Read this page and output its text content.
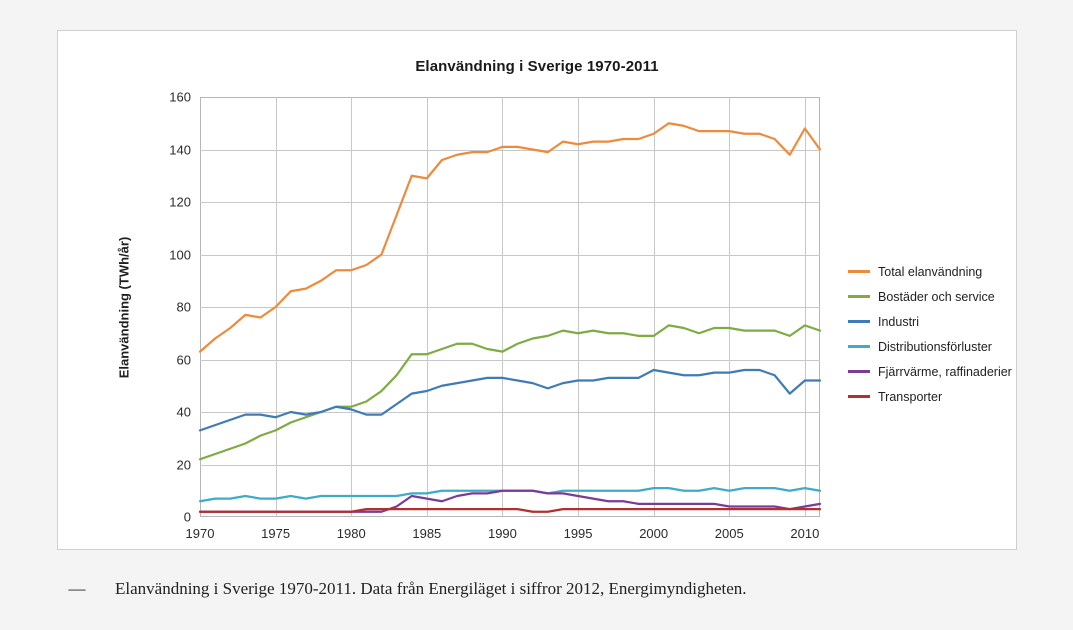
Elanvändning i Sverige 1970-2011
Elanvändning (TWh/år)
0
20
40
60
80
100
120
140
160
1970	1975	1980	1985	1990	1995	2000	2005	2010
Total elanvändning
Bostäder och service
Industri
Distributionsförluster
Fjärrvärme, raffinaderier
Transporter
—	Elanvändning i Sverige 1970-2011. Data från Energiläget i siffror 2012, Energimyndigheten.
